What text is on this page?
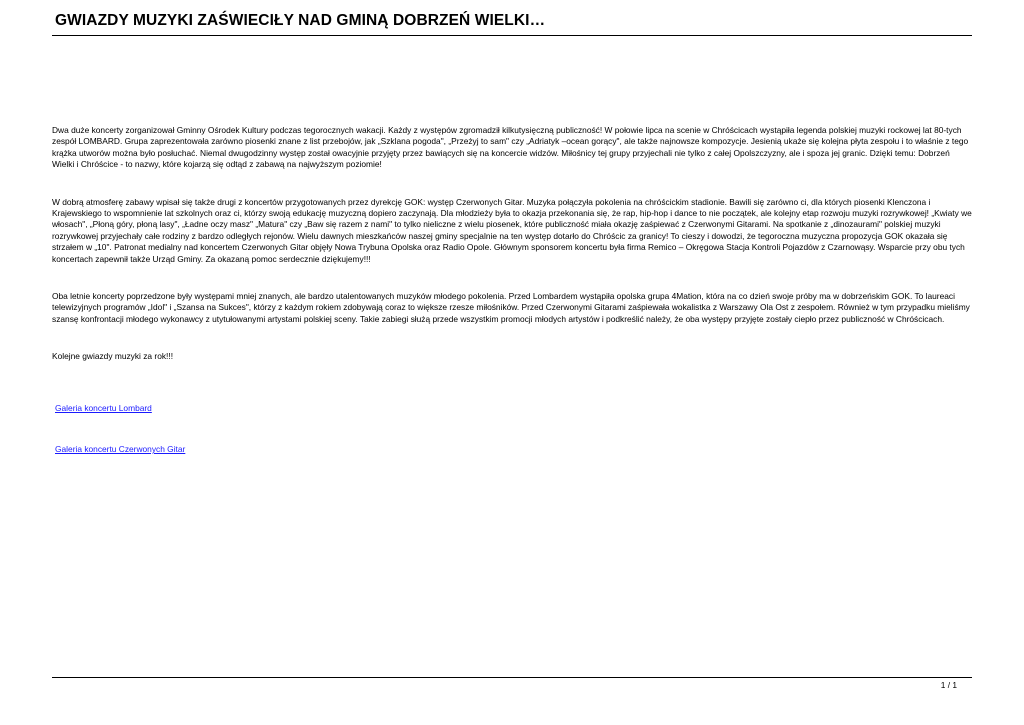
GWIAZDY MUZYKI ZAŚWIECIŁY NAD GMINĄ DOBRZEŃ WIELKI…

Dwa duże koncerty zorganizował Gminny Ośrodek Kultury podczas tegorocznych wakacji. Każdy z występów zgromadził kilkutysięczną publiczność! W połowie lipca na scenie w Chróścicach wystąpiła legenda polskiej muzyki rockowej lat 80-tych zespół LOMBARD. Grupa zaprezentowała zarówno piosenki znane z list przebojów, jak „Szklana pogoda", „Przeżyj to sam" czy „Adriatyk –ocean gorący", ale także najnowsze kompozycje. Jesienią ukaże się kolejna płyta zespołu i to właśnie z tego krążka utworów można było posłuchać. Niemal dwugodzinny występ został owacyjnie przyjęty przez bawiących się na koncercie widzów. Miłośnicy tej grupy przyjechali nie tylko z całej Opolszczyzny, ale i spoza jej granic. Dzięki temu: Dobrzeń Wielki i Chróścice - to nazwy, które kojarzą się odtąd z zabawą na najwyższym poziomie!

W dobrą atmosferę zabawy wpisał się także drugi z koncertów przygotowanych przez dyrekcję GOK: występ Czerwonych Gitar. Muzyka połączyła pokolenia na chróścickim stadionie. Bawili się zarówno ci, dla których piosenki Klenczona i Krajewskiego to wspomnienie lat szkolnych oraz ci, którzy swoją edukację muzyczną dopiero zaczynają. Dla młodzieży była to okazja przekonania się, że rap, hip-hop i dance to nie początek, ale kolejny etap rozwoju muzyki rozrywkowej! „Kwiaty we włosach", „Płoną góry, płoną lasy", „Ładne oczy masz" „Matura" czy „Baw się razem z nami" to tylko nieliczne z wielu piosenek, które publiczność miała okazję zaśpiewać z Czerwonymi Gitarami. Na spotkanie z „dinozaurami" polskiej muzyki rozrywkowej przyjechały całe rodziny z bardzo odległych rejonów. Wielu dawnych mieszkańców naszej gminy specjalnie na ten występ dotarło do Chróścic za granicy! To cieszy i dowodzi, że tegoroczna muzyczna propozycja GOK okazała się strzałem w „10". Patronat medialny nad koncertem Czerwonych Gitar objęły Nowa Trybuna Opolska oraz Radio Opole. Głównym sponsorem koncertu była firma Remico – Okręgowa Stacja Kontroli Pojazdów z Czarnowąsy. Wsparcie przy obu tych koncertach zapewnił także Urząd Gminy. Za okazaną pomoc serdecznie dziękujemy!!!

Oba letnie koncerty poprzedzone były występami mniej znanych, ale bardzo utalentowanych muzyków młodego pokolenia. Przed Lombardem wystąpiła opolska grupa 4Mation, która na co dzień swoje próby ma w dobrzeńskim GOK. To laureaci telewizyjnych programów „Idol" i „Szansa na Sukces", którzy z każdym rokiem zdobywają coraz to większe rzesze miłośników. Przed Czerwonymi Gitarami zaśpiewała wokalistka z Warszawy Ola Ost z zespołem. Również w tym przypadku mieliśmy szansę konfrontacji młodego wykonawcy z utytułowanymi artystami polskiej sceny. Takie zabiegi służą przede wszystkim promocji młodych artystów i podkreślić należy, że oba występy przyjęte zostały ciepło przez publiczność w Chróścicach.

Kolejne gwiazdy muzyki za rok!!!

Galeria koncertu Lombard
Galeria koncertu Czerwonych Gitar
1 / 1
